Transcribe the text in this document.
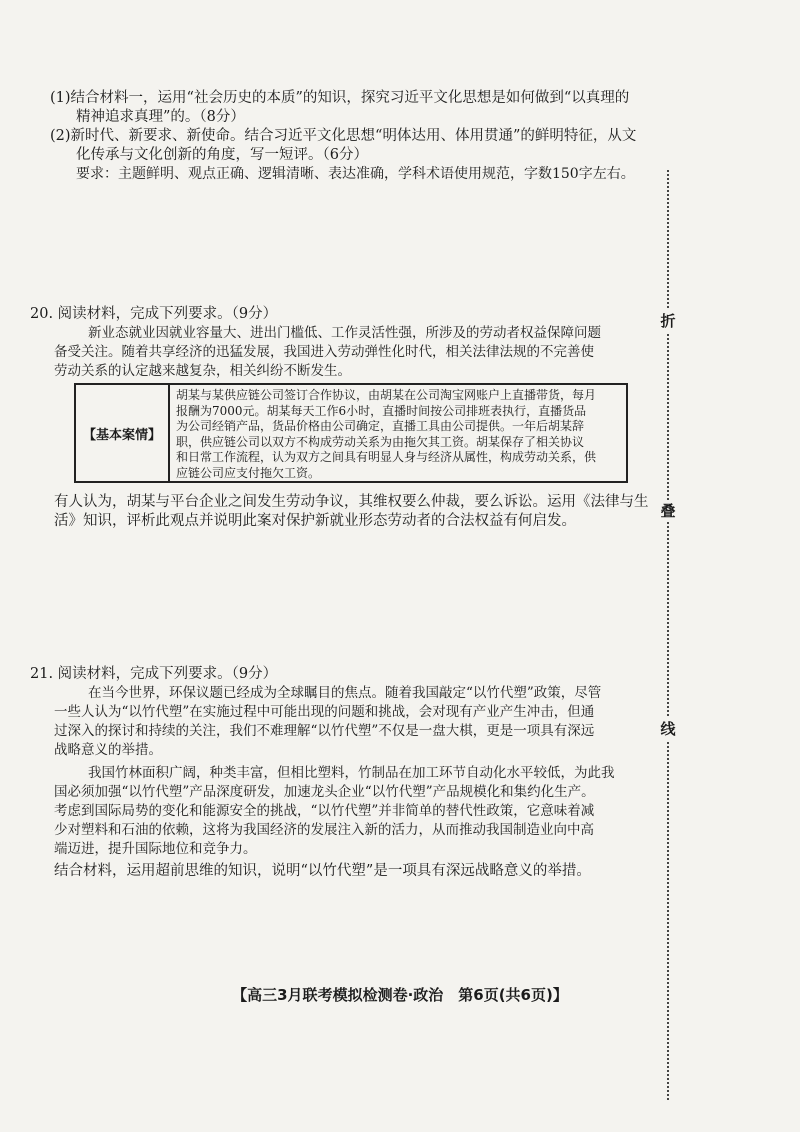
(1)结合材料一，运用“社会历史的本质”的知识，探究习近平文化思想是如何做到“以真理的
精神追求真理”的。（8分）
(2)新时代、新要求、新使命。结合习近平文化思想“明体达用、体用贯通”的鲜明特征，从文
化传承与文化创新的角度，写一短评。（6分）
要求：主题鲜明、观点正确、逻辑清晰、表达准确，学科术语使用规范，字数150字左右。
20. 阅读材料，完成下列要求。（9分）
新业态就业因就业容量大、进出门槛低、工作灵活性强，所涉及的劳动者权益保障问题
备受关注。随着共享经济的迅猛发展，我国进入劳动弹性化时代，相关法律法规的不完善使
劳动关系的认定越来越复杂，相关纠纷不断发生。
【基本案情】
胡某与某供应链公司签订合作协议，由胡某在公司淘宝网账户上直播带货，每月
报酬为7000元。胡某每天工作6小时，直播时间按公司排班表执行，直播货品
为公司经销产品，货品价格由公司确定，直播工具由公司提供。一年后胡某辞
职，供应链公司以双方不构成劳动关系为由拖欠其工资。胡某保存了相关协议
和日常工作流程，认为双方之间具有明显人身与经济从属性，构成劳动关系，供
应链公司应支付拖欠工资。
有人认为，胡某与平台企业之间发生劳动争议，其维权要么仲裁，要么诉讼。运用《法律与生
活》知识，评析此观点并说明此案对保护新就业形态劳动者的合法权益有何启发。
21. 阅读材料，完成下列要求。（9分）
在当今世界，环保议题已经成为全球瞩目的焦点。随着我国敲定“以竹代塑”政策，尽管
一些人认为“以竹代塑”在实施过程中可能出现的问题和挑战，会对现有产业产生冲击，但通
过深入的探讨和持续的关注，我们不难理解“以竹代塑”不仅是一盘大棋，更是一项具有深远
战略意义的举措。
我国竹林面积广阔，种类丰富，但相比塑料，竹制品在加工环节自动化水平较低，为此我
国必须加强“以竹代塑”产品深度研发，加速龙头企业“以竹代塑”产品规模化和集约化生产。
考虑到国际局势的变化和能源安全的挑战，“以竹代塑”并非简单的替代性政策，它意味着减
少对塑料和石油的依赖，这将为我国经济的发展注入新的活力，从而推动我国制造业向中高
端迈进，提升国际地位和竞争力。
结合材料，运用超前思维的知识，说明“以竹代塑”是一项具有深远战略意义的举措。
折
叠
线
【高三3月联考模拟检测卷·政治　第6页(共6页)】
